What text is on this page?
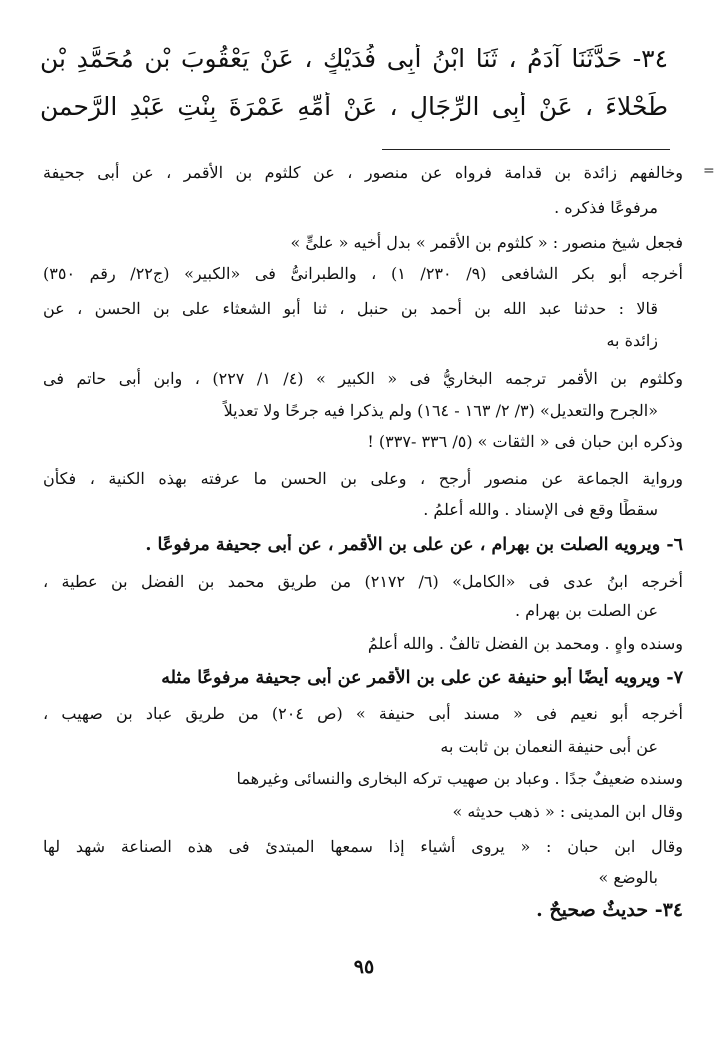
٣٤- حَدَّثَنَا آدَمُ ، ثَنَا ابْنُ أَبِى فُدَيْكٍ ، عَنْ يَعْقُوبَ بْنِ مُحَمَّدِ بْنِ
طَحْلاءَ ، عَنْ أَبِى الرِّجَالِ ، عَنْ أُمِّهِ عَمْرَةَ بِنْتِ عَبْدِ الرَّحمنِ
=
وخالفهم زائدة بن قدامة فرواه عن منصور ، عن كلثوم بن الأقمر ، عن أبى جحيفة
مرفوعًا فذكره .
فجعل شيخ منصور : « كلثوم بن الأقمر » بدل أخيه « علىٍّ »
أخرجه أبو بكر الشافعى (٩/ ٢٣٠/ ١) ، والطبرانىُّ فى «الكبير» (ج٢٢/ رقم ٣٥٠)
قالا : حدثنا عبد الله بن أحمد بن حنبل ، ثنا أبو الشعثاء على بن الحسن ، عن
زائدة به
وكلثوم بن الأقمر ترجمه البخاريُّ فى « الكبير » (٤/ ١/ ٢٢٧) ، وابن أبى حاتم فى
«الجرح والتعديل» (٣/ ٢/ ١٦٣ - ١٦٤) ولم يذكرا فيه جرحًا ولا تعديلاً
وذكره ابن حبان فى « الثقات » (٥/ ٣٣٦ -٣٣٧) !
ورواية الجماعة عن منصور أرجح ، وعلى بن الحسن ما عرفته بهذه الكنية ، فكأن
سقطًا وقع فى الإسناد . والله أعلمُ .
٦- ويرويه الصلت بن بهرام ، عن على بن الأقمر ، عن أبى جحيفة مرفوعًا .
أخرجه ابنُ عدى فى «الكامل» (٦/ ٢١٧٢) من طريق محمد بن الفضل بن عطية ،
عن الصلت بن بهرام .
وسنده واهٍ . ومحمد بن الفضل تالفٌ . والله أعلمُ
٧- ويرويه أيضًا أبو حنيفة عن على بن الأقمر عن أبى جحيفة مرفوعًا مثله
أخرجه أبو نعيم فى « مسند أبى حنيفة » (ص ٢٠٤) من طريق عباد بن صهيب ،
عن أبى حنيفة النعمان بن ثابت به
وسنده ضعيفٌ جدًا . وعباد بن صهيب تركه البخارى والنسائى وغيرهما
وقال ابن المدينى : « ذهب حديثه »
وقال ابن حبان : « يروى أشياء إذا سمعها المبتدئ فى هذه الصناعة شهد لها
بالوضع »
٣٤- حديثٌ صحيحٌ .
٩٥
